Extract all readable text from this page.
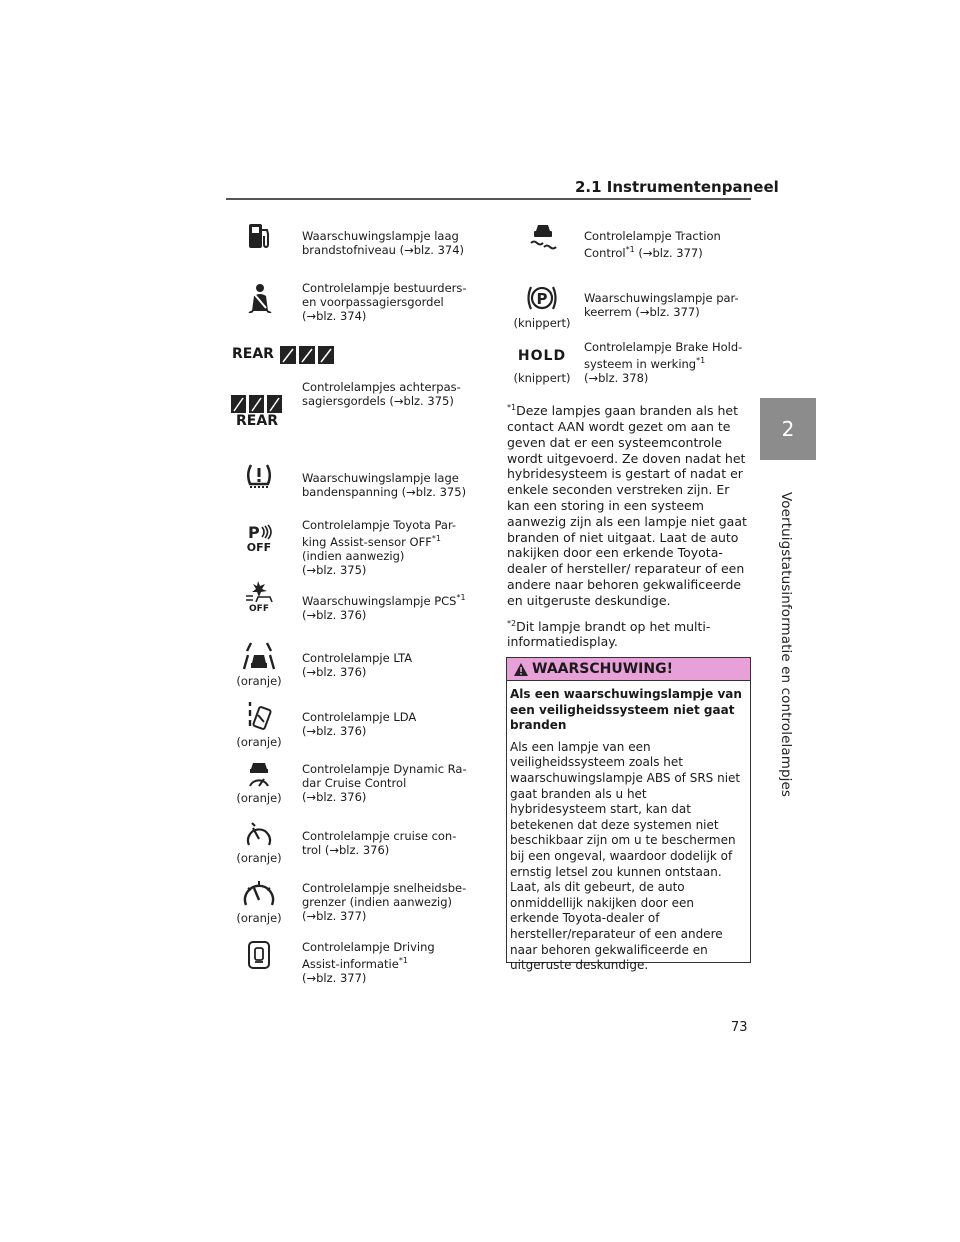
2.1 Instrumentenpaneel
2
Voertuigstatusinformatie en controlelampjes
Waarschuwingslampje laag
brandstofniveau (→blz. 374)
Controlelampje bestuurders-
en voorpassagiersgordel
(→blz. 374)
REAR
REAR
Controlelampjes achterpas-
sagiersgordels (→blz. 375)
Waarschuwingslampje lage
bandenspanning (→blz. 375)
P
OFF
Controlelampje Toyota Par-
king Assist-sensor OFF$^{*1}$
(indien aanwezig)
(→blz. 375)
OFF
Waarschuwingslampje PCS$^{*1}$
(→blz. 376)
(oranje)
Controlelampje LTA
(→blz. 376)
(oranje)
Controlelampje LDA
(→blz. 376)
(oranje)
Controlelampje Dynamic Ra-
dar Cruise Control
(→blz. 376)
(oranje)
Controlelampje cruise con-
trol (→blz. 376)
(oranje)
Controlelampje snelheidsbe-
grenzer (indien aanwezig)
(→blz. 377)
Controlelampje Driving
Assist-informatie$^{*1}$
(→blz. 377)
Controlelampje Traction
Control$^{*1}$ (→blz. 377)
P
(knippert)
Waarschuwingslampje par-
keerrem (→blz. 377)
HOLD
(knippert)
Controlelampje Brake Hold-
systeem in werking$^{*1}$
(→blz. 378)

$^{*1}$Deze lampjes gaan branden als het contact AAN wordt gezet om aan te geven dat er een systeemcontrole wordt uitgevoerd. Ze doven nadat het hybridesysteem is gestart of nadat er enkele seconden verstreken zijn. Er kan een storing in een systeem aanwezig zijn als een lampje niet gaat branden of niet uitgaat. Laat de auto nakijken door een erkende Toyota-dealer of hersteller/ reparateur of een andere naar behoren gekwalificeerde en uitgeruste deskundige.

$^{*2}$Dit lampje brandt op het multi-informatiedisplay.

WAARSCHUWING!
Als een waarschuwingslampje van een veiligheidssysteem niet gaat branden
Als een lampje van een veiligheidssysteem zoals het waarschuwingslampje ABS of SRS niet gaat branden als u het hybridesysteem start, kan dat betekenen dat deze systemen niet beschikbaar zijn om u te beschermen bij een ongeval, waardoor dodelijk of ernstig letsel zou kunnen ontstaan. Laat, als dit gebeurt, de auto onmiddellijk nakijken door een erkende Toyota-dealer of hersteller/reparateur of een andere naar behoren gekwalificeerde en uitgeruste deskundige.
73
